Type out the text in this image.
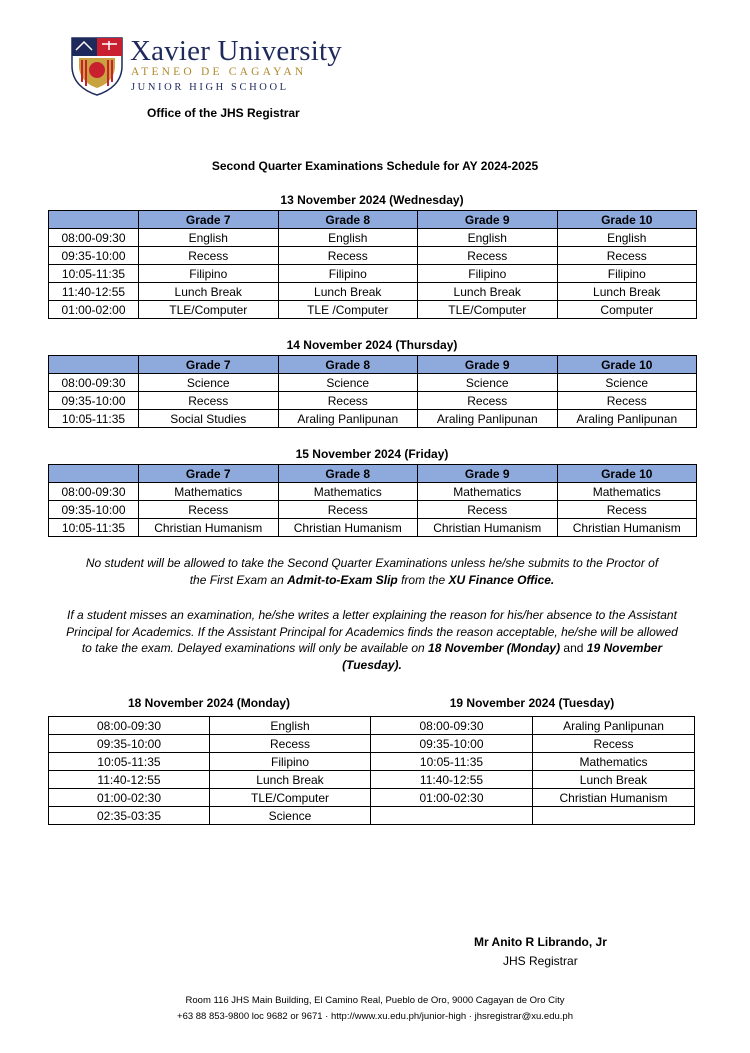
Xavier University
ATENEO DE CAGAYAN
JUNIOR HIGH SCHOOL
Office of the JHS Registrar
Second Quarter Examinations Schedule for AY 2024-2025
13 November 2024 (Wednesday)
	Grade 7	Grade 8	Grade 9	Grade 10
08:00-09:30	English	English	English	English
09:35-10:00	Recess	Recess	Recess	Recess
10:05-11:35	Filipino	Filipino	Filipino	Filipino
11:40-12:55	Lunch Break	Lunch Break	Lunch Break	Lunch Break
01:00-02:00	TLE/Computer	TLE /Computer	TLE/Computer	Computer
14 November 2024 (Thursday)
	Grade 7	Grade 8	Grade 9	Grade 10
08:00-09:30	Science	Science	Science	Science
09:35-10:00	Recess	Recess	Recess	Recess
10:05-11:35	Social Studies	Araling Panlipunan	Araling Panlipunan	Araling Panlipunan
15 November 2024 (Friday)
	Grade 7	Grade 8	Grade 9	Grade 10
08:00-09:30	Mathematics	Mathematics	Mathematics	Mathematics
09:35-10:00	Recess	Recess	Recess	Recess
10:05-11:35	Christian Humanism	Christian Humanism	Christian Humanism	Christian Humanism
No student will be allowed to take the Second Quarter Examinations unless he/she submits to the Proctor of the First Exam an Admit-to-Exam Slip from the XU Finance Office.
If a student misses an examination, he/she writes a letter explaining the reason for his/her absence to the Assistant Principal for Academics. If the Assistant Principal for Academics finds the reason acceptable, he/she will be allowed to take the exam. Delayed examinations will only be available on 18 November (Monday) and 19 November (Tuesday).
18 November 2024 (Monday)	19 November 2024 (Tuesday)
08:00-09:30	English	08:00-09:30	Araling Panlipunan
09:35-10:00	Recess	09:35-10:00	Recess
10:05-11:35	Filipino	10:05-11:35	Mathematics
11:40-12:55	Lunch Break	11:40-12:55	Lunch Break
01:00-02:30	TLE/Computer	01:00-02:30	Christian Humanism
02:35-03:35	Science		
Mr Anito R Librando, Jr
JHS Registrar
Room 116 JHS Main Building, El Camino Real, Pueblo de Oro, 9000 Cagayan de Oro City
+63 88 853-9800 loc 9682 or 9671 · http://www.xu.edu.ph/junior-high · jhsregistrar@xu.edu.ph
